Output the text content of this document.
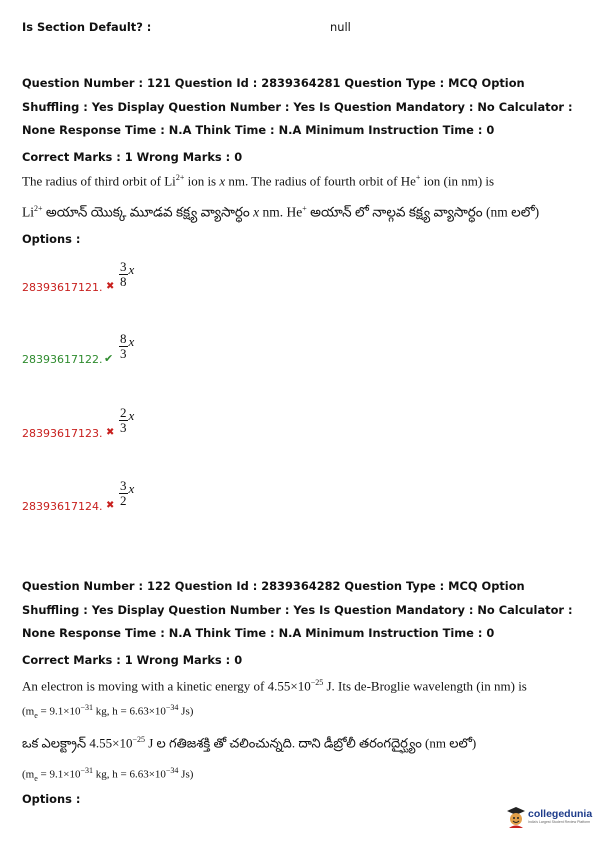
Is Section Default? :	null
Question Number : 121 Question Id : 2839364281 Question Type : MCQ Option Shuffling : Yes Display Question Number : Yes Is Question Mandatory : No Calculator : None Response Time : N.A Think Time : N.A Minimum Instruction Time : 0
Correct Marks : 1 Wrong Marks : 0
The radius of third orbit of $Li^{2+}$ ion is x nm. The radius of fourth orbit of He+ ion (in nm) is
$Li^{2+}$ అయాన్ యొక్క మూడవ కక్ష్య వ్యాసార్ధం x nm. He+ అయాన్ లో నాల్గవ కక్ష్య వ్యాసార్ధం (nm లలో)
Options :
28393617121. ✖ $\frac{3}{8}$ x
28393617122. ✔ $\frac{8}{3}$ x
28393617123. ✖ $\frac{2}{3}$ x
28393617124. ✖ $\frac{3}{2}$ x
Question Number : 122 Question Id : 2839364282 Question Type : MCQ Option Shuffling : Yes Display Question Number : Yes Is Question Mandatory : No Calculator : None Response Time : N.A Think Time : N.A Minimum Instruction Time : 0
Correct Marks : 1 Wrong Marks : 0
An electron is moving with a kinetic energy of $4.55\times 10^{-25}$ J. Its de-Broglie wavelength (in nm) is
($m_e = 9.1\times 10^{-31}$ kg, $h = 6.63\times 10^{-34}$ Js)
ఒక ఎలక్ట్రాన్ $4.55\times 10^{-25}$ J ల గతిజశక్తి తో చలించున్నది. దాని డీబ్రోలీ తరంగదైర్ఘ్యం (nm లలో)
($m_e = 9.1\times 10^{-31}$ kg, $h = 6.63\times 10^{-34}$ Js)
Options :
collegedunia
India's Largest Student Review Platform
